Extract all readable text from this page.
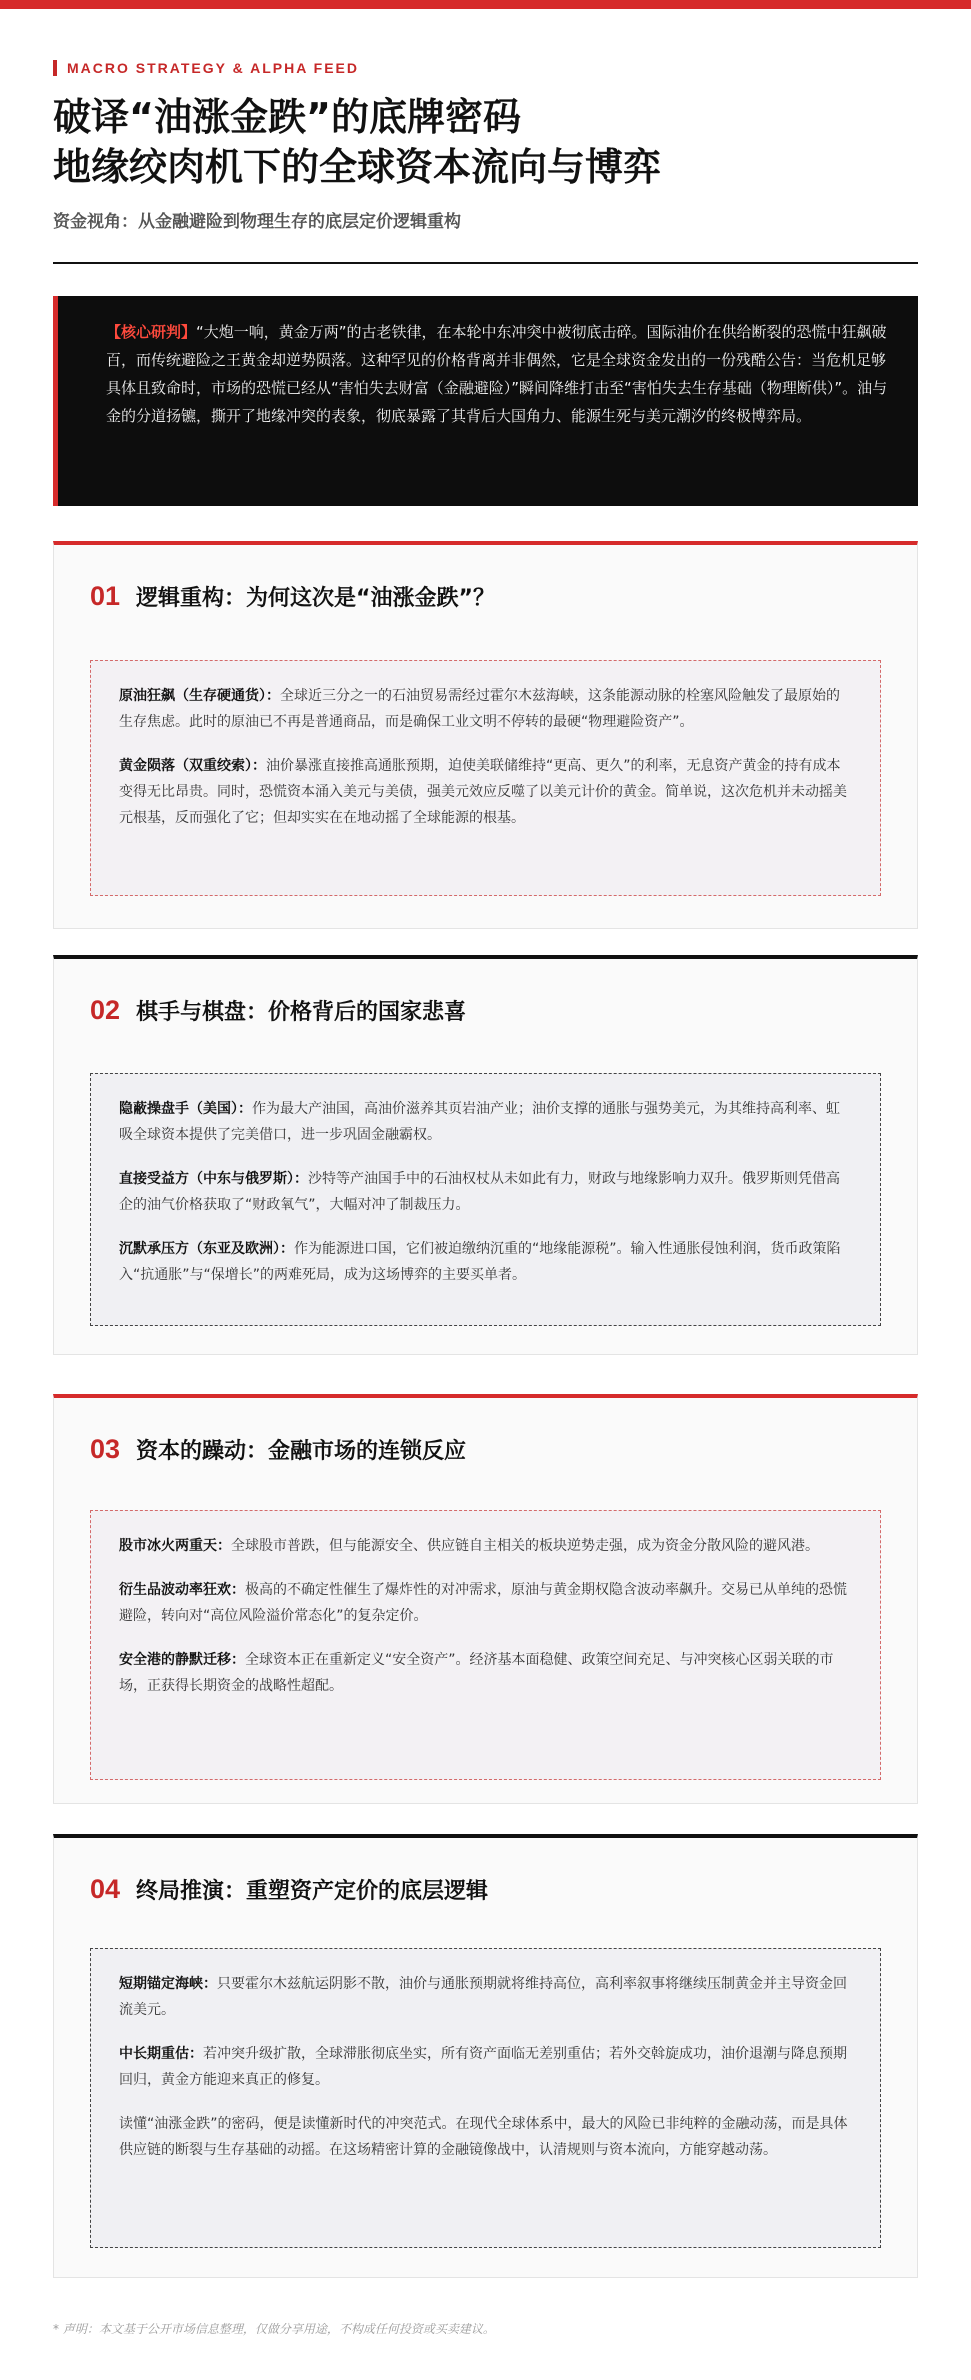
MACRO STRATEGY & ALPHA FEED
破译“油涨金跌”的底牌密码
地缘绞肉机下的全球资本流向与博弈
资金视角：从金融避险到物理生存的底层定价逻辑重构
【核心研判】“大炮一响，黄金万两”的古老铁律，在本轮中东冲突中被彻底击碎。国际油价在供给断裂的恐慌中狂飙破百，而传统避险之王黄金却逆势陨落。这种罕见的价格背离并非偶然，它是全球资金发出的一份残酷公告：当危机足够具体且致命时，市场的恐慌已经从“害怕失去财富（金融避险）”瞬间降维打击至“害怕失去生存基础（物理断供）”。油与金的分道扬镳，撕开了地缘冲突的表象，彻底暴露了其背后大国角力、能源生死与美元潮汐的终极博弈局。
01 逻辑重构：为何这次是“油涨金跌”？

原油狂飙（生存硬通货）：全球近三分之一的石油贸易需经过霍尔木兹海峡，这条能源动脉的栓塞风险触发了最原始的生存焦虑。此时的原油已不再是普通商品，而是确保工业文明不停转的最硬“物理避险资产”。

黄金陨落（双重绞索）：油价暴涨直接推高通胀预期，迫使美联储维持“更高、更久”的利率，无息资产黄金的持有成本变得无比昂贵。同时，恐慌资本涌入美元与美债，强美元效应反噬了以美元计价的黄金。简单说，这次危机并未动摇美元根基，反而强化了它；但却实实在在地动摇了全球能源的根基。

02 棋手与棋盘：价格背后的国家悲喜

隐蔽操盘手（美国）：作为最大产油国，高油价滋养其页岩油产业；油价支撑的通胀与强势美元，为其维持高利率、虹吸全球资本提供了完美借口，进一步巩固金融霸权。

直接受益方（中东与俄罗斯）：沙特等产油国手中的石油权杖从未如此有力，财政与地缘影响力双升。俄罗斯则凭借高企的油气价格获取了“财政氧气”，大幅对冲了制裁压力。

沉默承压方（东亚及欧洲）：作为能源进口国，它们被迫缴纳沉重的“地缘能源税”。输入性通胀侵蚀利润，货币政策陷入“抗通胀”与“保增长”的两难死局，成为这场博弈的主要买单者。

03 资本的躁动：金融市场的连锁反应

股市冰火两重天：全球股市普跌，但与能源安全、供应链自主相关的板块逆势走强，成为资金分散风险的避风港。

衍生品波动率狂欢：极高的不确定性催生了爆炸性的对冲需求，原油与黄金期权隐含波动率飙升。交易已从单纯的恐慌避险，转向对“高位风险溢价常态化”的复杂定价。

安全港的静默迁移：全球资本正在重新定义“安全资产”。经济基本面稳健、政策空间充足、与冲突核心区弱关联的市场，正获得长期资金的战略性超配。

04 终局推演：重塑资产定价的底层逻辑

短期锚定海峡：只要霍尔木兹航运阴影不散，油价与通胀预期就将维持高位，高利率叙事将继续压制黄金并主导资金回流美元。

中长期重估：若冲突升级扩散，全球滞胀彻底坐实，所有资产面临无差别重估；若外交斡旋成功，油价退潮与降息预期回归，黄金方能迎来真正的修复。

读懂“油涨金跌”的密码，便是读懂新时代的冲突范式。在现代全球体系中，最大的风险已非纯粹的金融动荡，而是具体供应链的断裂与生存基础的动摇。在这场精密计算的金融镜像战中，认清规则与资本流向，方能穿越动荡。

* 声明：本文基于公开市场信息整理，仅做分享用途，不构成任何投资或买卖建议。
